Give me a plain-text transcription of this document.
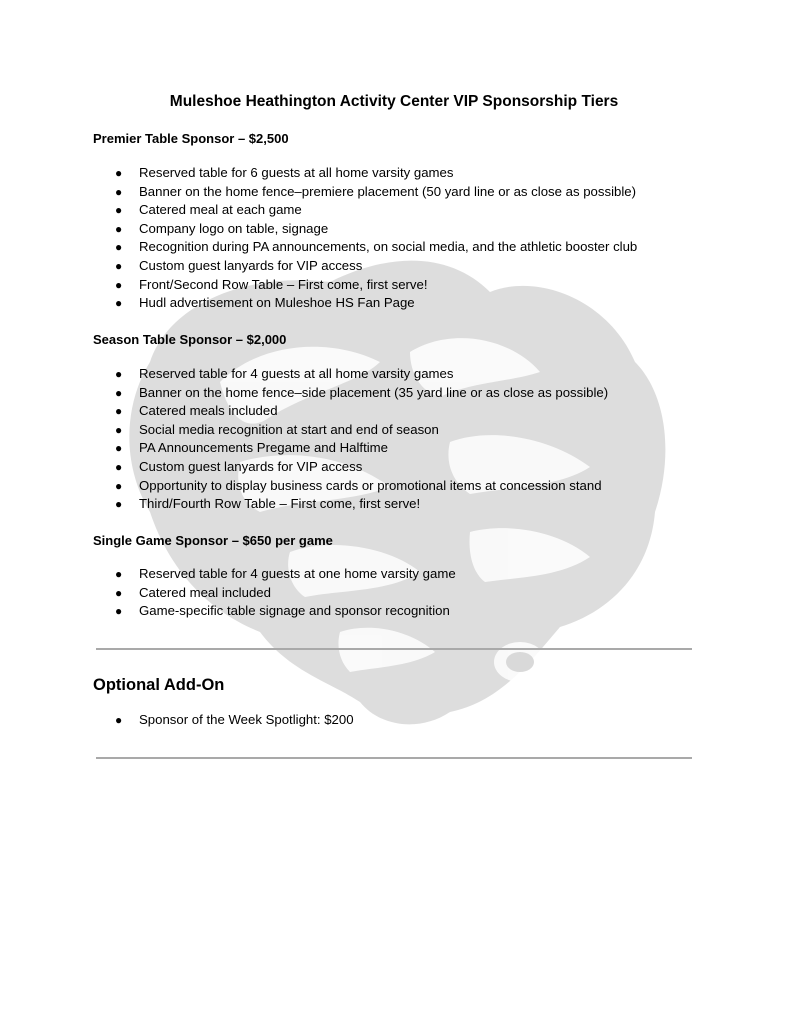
Muleshoe Heathington Activity Center VIP Sponsorship Tiers
Premier Table Sponsor – $2,500
● Reserved table for 6 guests at all home varsity games
● Banner on the home fence–premiere placement (50 yard line or as close as possible)
● Catered meal at each game
● Company logo on table, signage
● Recognition during PA announcements, on social media, and the athletic booster club
● Custom guest lanyards for VIP access
● Front/Second Row Table – First come, first serve!
● Hudl advertisement on Muleshoe HS Fan Page
Season Table Sponsor – $2,000
● Reserved table for 4 guests at all home varsity games
● Banner on the home fence–side placement (35 yard line or as close as possible)
● Catered meals included
● Social media recognition at start and end of season
● PA Announcements Pregame and Halftime
● Custom guest lanyards for VIP access
● Opportunity to display business cards or promotional items at concession stand
● Third/Fourth Row Table – First come, first serve!
Single Game Sponsor – $650 per game
● Reserved table for 4 guests at one home varsity game
● Catered meal included
● Game-specific table signage and sponsor recognition
Optional Add-On
● Sponsor of the Week Spotlight: $200
